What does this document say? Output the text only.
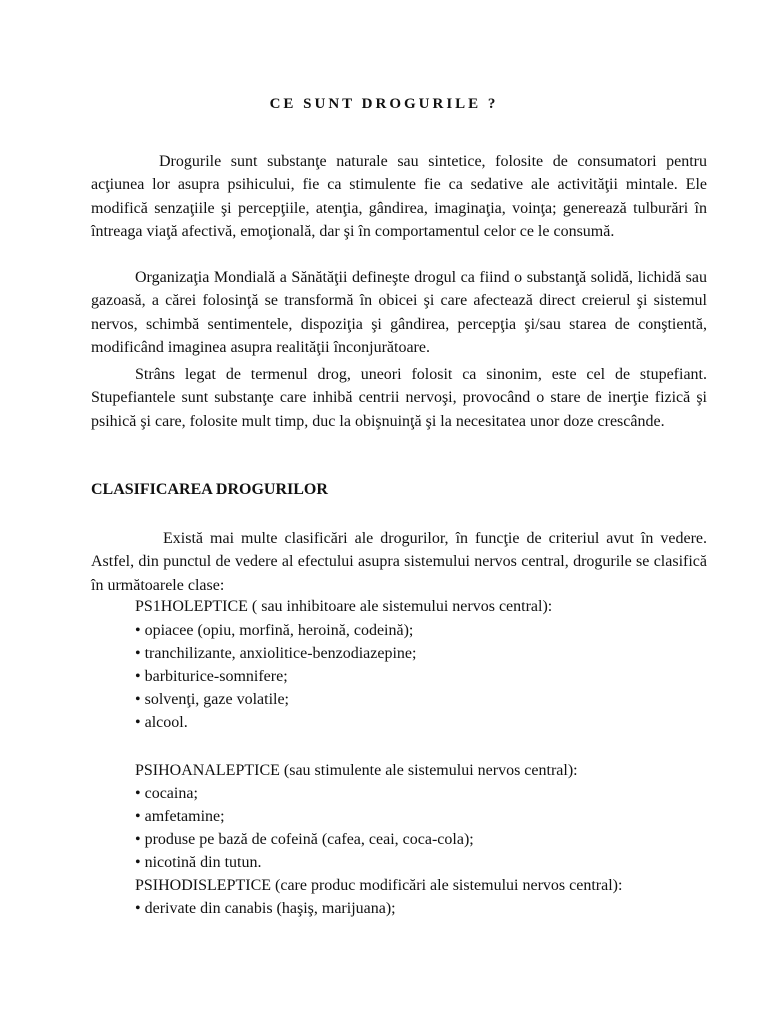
CE SUNT DROGURILE ?

Drogurile sunt substanţe naturale sau sintetice, folosite de consumatori pentru acţiunea lor asupra psihicului, fie ca stimulente fie ca sedative ale activităţii mintale. Ele modifică senzaţiile şi percepţiile, atenţia, gândirea, imaginaţia, voinţa; generează tulburări în întreaga viaţă afectivă, emoţională, dar şi în comportamentul celor ce le consumă.

Organizaţia Mondială a Sănătăţii defineşte drogul ca fiind o substanţă solidă, lichidă sau gazoasă, a cărei folosinţă se transformă în obicei şi care afectează direct creierul şi sistemul nervos, schimbă sentimentele, dispoziţia şi gândirea, percepţia şi/sau starea de conştientă, modificând imaginea asupra realităţii înconjurătoare.

Strâns legat de termenul drog, uneori folosit ca sinonim, este cel de stupefiant. Stupefiantele sunt substanţe care inhibă centrii nervoşi, provocând o stare de inerţie fizică şi psihică şi care, folosite mult timp, duc la obişnuinţă şi la necesitatea unor doze crescânde.

CLASIFICAREA DROGURILOR

Există mai multe clasificări ale drogurilor, în funcţie de criteriul avut în vedere. Astfel, din punctul de vedere al efectului asupra sistemului nervos central, drogurile se clasifică în următoarele clase:

PS1HOLEPTICE ( sau inhibitoare ale sistemului nervos central):

• opiacee (opiu, morfină, heroină, codeină);

• tranchilizante, anxiolitice-benzodiazepine;

• barbiturice-somnifere;

• solvenţi, gaze volatile;

• alcool.

PSIHOANALEPTICE (sau stimulente ale sistemului nervos central):

• cocaina;

• amfetamine;

• produse pe bază de cofeină (cafea, ceai, coca-cola);

• nicotină din tutun.

PSIHODISLEPTICE (care produc modificări ale sistemului nervos central):

• derivate din canabis (haşiş, marijuana);
